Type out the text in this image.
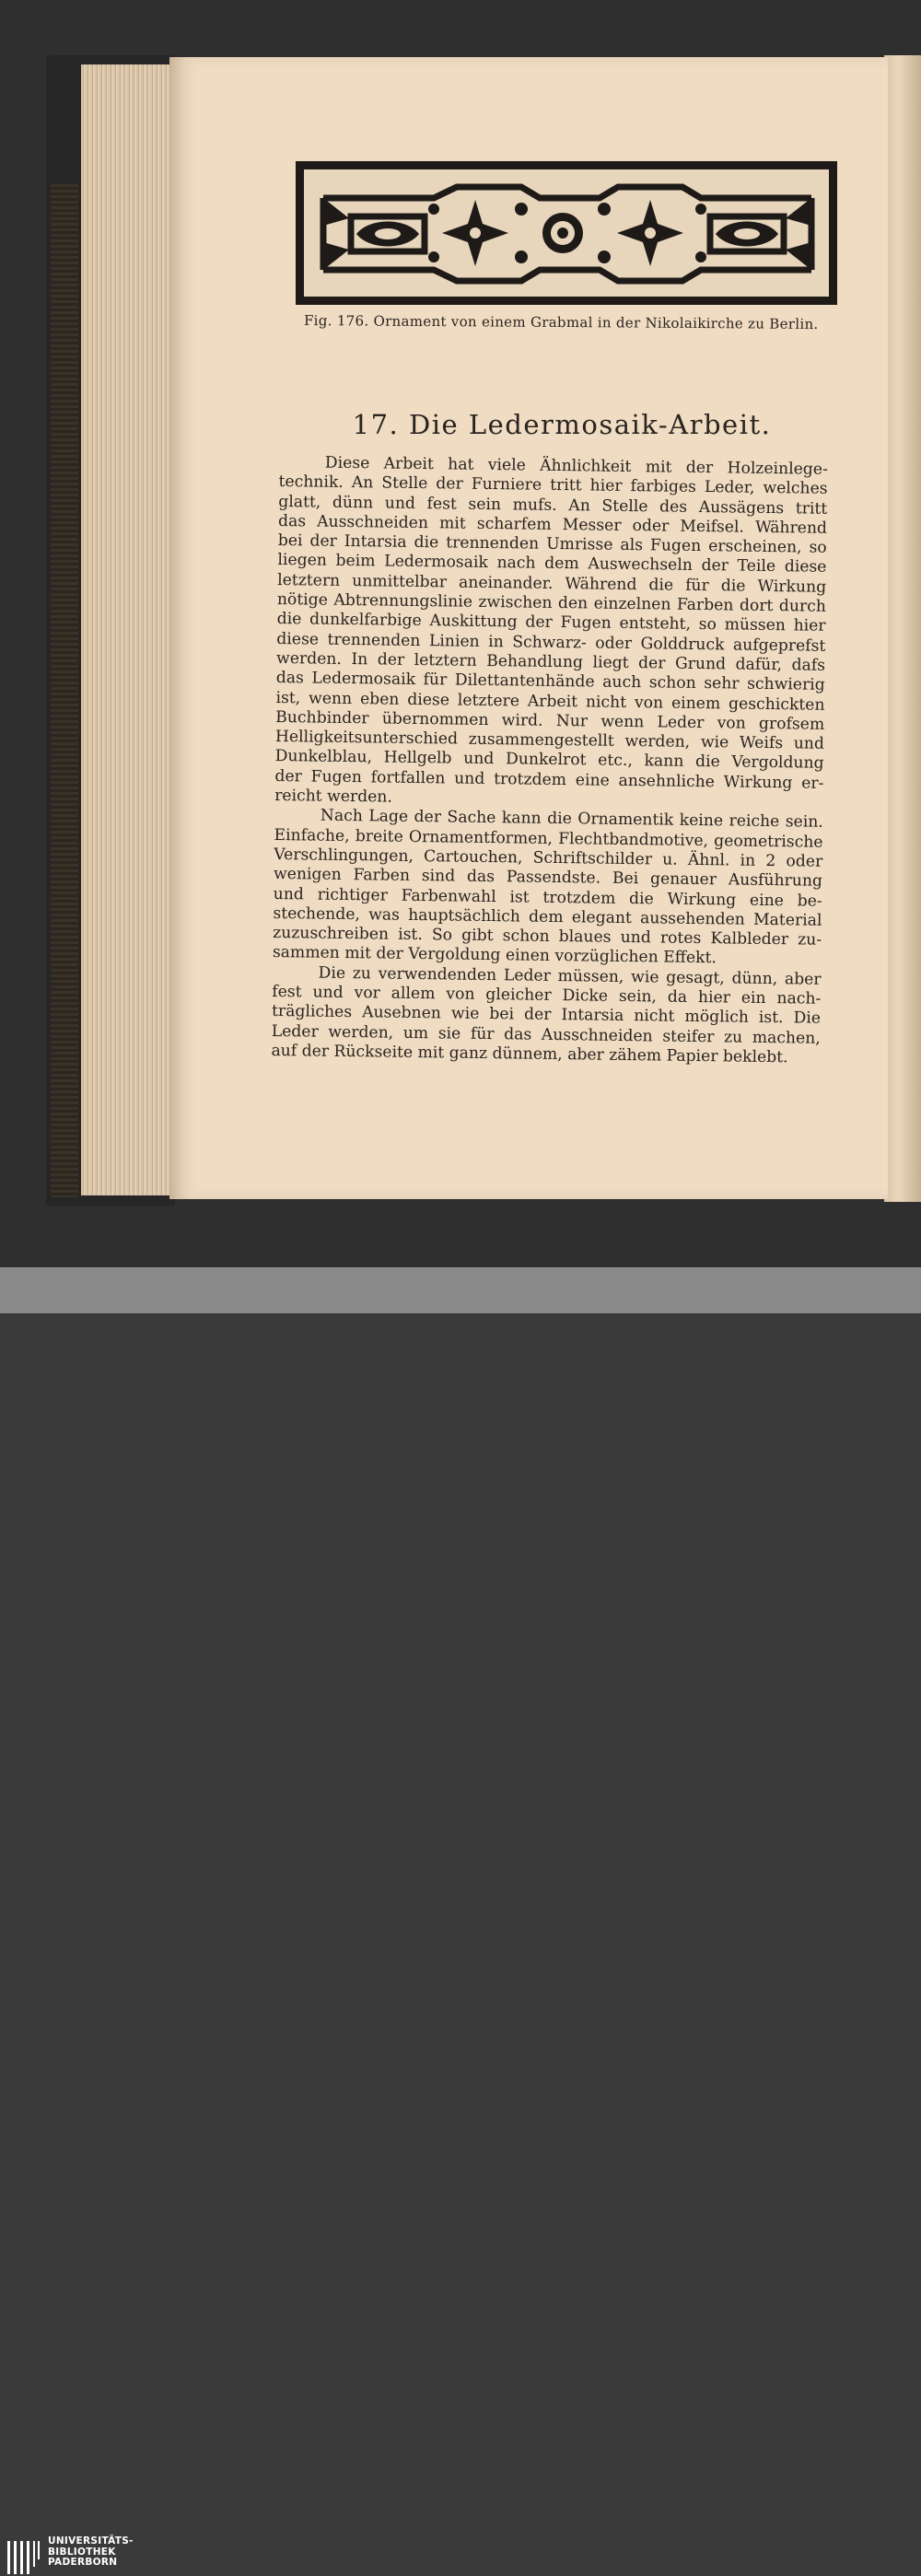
Fig. 176. Ornament von einem Grabmal in der Nikolaikirche zu Berlin.
17. Die Ledermosaik-Arbeit.
Diese Arbeit hat viele Ähnlichkeit mit der Holzeinlege-
technik. An Stelle der Furniere tritt hier farbiges Leder, welches
glatt, dünn und fest sein mufs. An Stelle des Aussägens tritt
das Ausschneiden mit scharfem Messer oder Meifsel. Während
bei der Intarsia die trennenden Umrisse als Fugen erscheinen, so
liegen beim Ledermosaik nach dem Auswechseln der Teile diese
letztern unmittelbar aneinander. Während die für die Wirkung
nötige Abtrennungslinie zwischen den einzelnen Farben dort durch
die dunkelfarbige Auskittung der Fugen entsteht, so müssen hier
diese trennenden Linien in Schwarz- oder Golddruck aufgeprefst
werden. In der letztern Behandlung liegt der Grund dafür, dafs
das Ledermosaik für Dilettantenhände auch schon sehr schwierig
ist, wenn eben diese letztere Arbeit nicht von einem geschickten
Buchbinder übernommen wird. Nur wenn Leder von grofsem
Helligkeitsunterschied zusammengestellt werden, wie Weifs und
Dunkelblau, Hellgelb und Dunkelrot etc., kann die Vergoldung
der Fugen fortfallen und trotzdem eine ansehnliche Wirkung er-
reicht werden.
Nach Lage der Sache kann die Ornamentik keine reiche sein.
Einfache, breite Ornamentformen, Flechtbandmotive, geometrische
Verschlingungen, Cartouchen, Schriftschilder u. Ähnl. in 2 oder
wenigen Farben sind das Passendste. Bei genauer Ausführung
und richtiger Farbenwahl ist trotzdem die Wirkung eine be-
stechende, was hauptsächlich dem elegant aussehenden Material
zuzuschreiben ist. So gibt schon blaues und rotes Kalbleder zu-
sammen mit der Vergoldung einen vorzüglichen Effekt.
Die zu verwendenden Leder müssen, wie gesagt, dünn, aber
fest und vor allem von gleicher Dicke sein, da hier ein nach-
trägliches Ausebnen wie bei der Intarsia nicht möglich ist. Die
Leder werden, um sie für das Ausschneiden steifer zu machen,
auf der Rückseite mit ganz dünnem, aber zähem Papier beklebt.
UNIVERSITÄTS-
BIBLIOTHEK
PADERBORN
